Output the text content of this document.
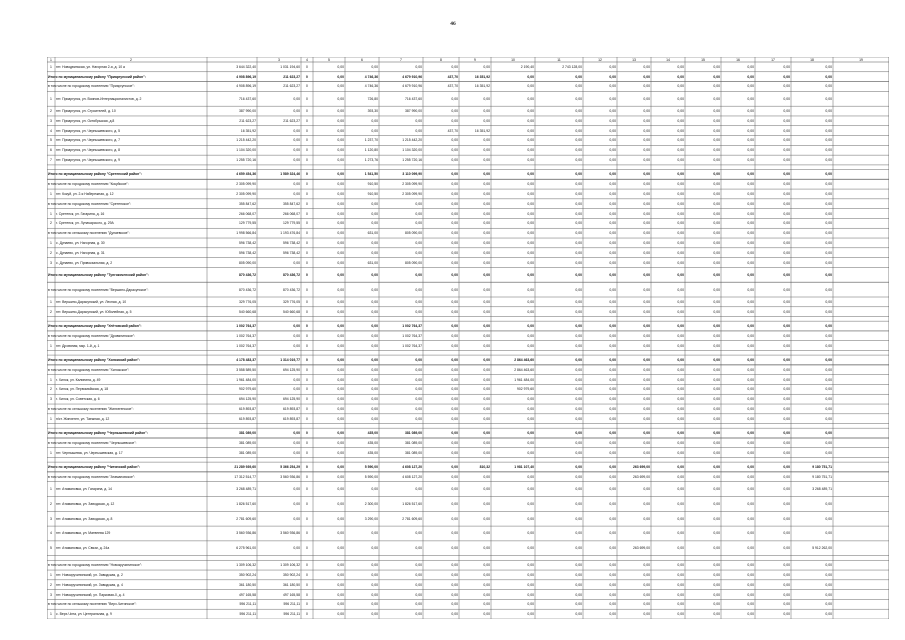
46
1	2	3	4	5	6	7	8	9	10	11	12	13	14	15	16	17	18	19
1	пгт. Новодвинская, ул. Нагорная 2-я, д. 10 а	3 644 322,40	1 031 194,60	0	0,00	0,00	0,00	0,00	0,00	2 190,40	2 743 128,00	0,00	0,00	0,00	0,00	0,00	0,00	0,00
Итого по муниципальному району "Приаргунский район":	4 908 896,19	211 623,27	0	0,00	4 746,36	4 679 910,96	437,70	16 351,92	0,00	0,00	0,00	0,00	0,00	0,00	0,00	0,00	0,00
в том числе по городскому поселению "Приаргунское":	4 908 896,19	211 623,27	0	0,00	4 746,36	4 679 910,96	437,70	16 351,92	0,00	0,00	0,00	0,00	0,00	0,00	0,00	0,00	0,00
1	пгт. Приаргунск, ул. Воинов-Интернационалистов, д. 2	716 437,60	0,00	0	0,00	726,80	716 437,60	0,00	0,00	0,00	0,00	0,00	0,00	0,00	0,00	0,00	0,00	0,00
2	пгт. Приаргунск, ул. Строителей, д. 10	387 990,00	0,00	0	0,00	393,30	387 990,00	0,00	0,00	0,00	0,00	0,00	0,00	0,00	0,00	0,00	0,00	0,00
3	пгт. Приаргунск, ул. Октябрьская, д.8	211 623,27	211 623,27	0	0,00	0,00	0,00	0,00	0,00	0,00	0,00	0,00	0,00	0,00	0,00	0,00	0,00	0,00
4	пгт. Приаргунск, ул. Чернышевского, д. 5	16 351,92	0,00	0	0,00	0,00	0,00	437,70	16 351,92	0,00	0,00	0,00	0,00	0,00	0,00	0,00	0,00	0,00
5	пгт. Приаргунск, ул. Чернышевского, д. 7	1 215 442,20	0,00	0	0,00	1 237,70	1 215 442,20	0,00	0,00	0,00	0,00	0,00	0,00	0,00	0,00	0,00	0,00	0,00
6	пгт. Приаргунск, ул. Чернышевского, д. 8	1 104 320,00	0,00	0	0,00	1 120,80	1 104 320,00	0,00	0,00	0,00	0,00	0,00	0,00	0,00	0,00	0,00	0,00	0,00
7	пгт. Приаргунск, ул. Чернышевского, д. 9	1 255 720,16	0,00	0	0,00	1 273,76	1 255 720,16	0,00	0,00	0,00	0,00	0,00	0,00	0,00	0,00	0,00	0,00	0,00
Итого по муниципальному району "Сретенский район":	4 659 454,36	1 589 324,46	0	0,00	1 541,50	3 110 099,90	0,00	0,00	0,00	0,00	0,00	0,00	0,00	0,00	0,00	0,00	0,00
в том числе по городскому поселению "Кокуйское":	2 305 099,90	0,00	0	0,00	910,50	2 305 099,90	0,00	0,00	0,00	0,00	0,00	0,00	0,00	0,00	0,00	0,00	0,00
1	пгт. Кокуй, ул. 2-я Набережная, д. 12	2 305 099,90	0,00	0	0,00	910,50	2 305 099,90	0,00	0,00	0,00	0,00	0,00	0,00	0,00	0,00	0,00	0,00	0,00
в том числе по городскому поселению "Сретенское":	355 847,62	355 847,62	0	0,00	0,00	0,00	0,00	0,00	0,00	0,00	0,00	0,00	0,00	0,00	0,00	0,00	0,00
1	г. Сретенск, ул. Гагарина, д. 16	266 068,07	266 068,07	0	0,00	0,00	0,00	0,00	0,00	0,00	0,00	0,00	0,00	0,00	0,00	0,00	0,00	0,00
2	г. Сретенск, ул. Луначарского, д. 29А	129 779,55	129 779,55	0	0,00	0,00	0,00	0,00	0,00	0,00	0,00	0,00	0,00	0,00	0,00	0,00	0,00	0,00
в том числе по сельскому поселению "Дунаевское":	1 998 566,84	1 193 476,84	0	0,00	631,00	805 090,00	0,00	0,00	0,00	0,00	0,00	0,00	0,00	0,00	0,00	0,00	0,00
1	с. Дунаево, ул. Нагорная, д. 30	596 738,42	596 738,42	0	0,00	0,00	0,00	0,00	0,00	0,00	0,00	0,00	0,00	0,00	0,00	0,00	0,00	0,00
2	с. Дунаево, ул. Нагорная, д. 31	596 738,42	596 738,42	0	0,00	0,00	0,00	0,00	0,00	0,00	0,00	0,00	0,00	0,00	0,00	0,00	0,00	0,00
3	с. Дунаево, ул. Привокзальная, д. 2	805 090,00	0,00	0	0,00	631,00	805 090,00	0,00	0,00	0,00	0,00	0,00	0,00	0,00	0,00	0,00	0,00	0,00
Итого по муниципальному району "Тунгокоченский район":	870 436,72	870 436,72	0	0,00	0,00	0,00	0,00	0,00	0,00	0,00	0,00	0,00	0,00	0,00	0,00	0,00	0,00
в том числе по городскому поселению "Вершино-Дарасунское":	870 436,72	870 436,72	0	0,00	0,00	0,00	0,00	0,00	0,00	0,00	0,00	0,00	0,00	0,00	0,00	0,00	0,00
1	пгт. Вершино-Дарасунский, ул. Лесная, д. 10	329 776,05	329 776,05	0	0,00	0,00	0,00	0,00	0,00	0,00	0,00	0,00	0,00	0,00	0,00	0,00	0,00	0,00
2	пгт. Вершино-Дарасунский, ул. Юбилейная, д. 5	540 660,68	540 660,68	0	0,00	0,00	0,00	0,00	0,00	0,00	0,00	0,00	0,00	0,00	0,00	0,00	0,00	0,00
Итого по муниципальному району "Улётовский район":	1 002 764,37	0,00	0	0,00	0,00	1 002 764,37	0,00	0,00	0,00	0,00	0,00	0,00	0,00	0,00	0,00	0,00	0,00
в том числе по городскому поселению "Дровянинское":	1 002 764,37	0,00	0	0,00	0,00	1 002 764,37	0,00	0,00	0,00	0,00	0,00	0,00	0,00	0,00	0,00	0,00	0,00
1	пгт. Дровяная, мкр. 1-й, д. 1	1 002 764,37	0,00	0	0,00	0,00	1 002 764,37	0,00	0,00	0,00	0,00	0,00	0,00	0,00	0,00	0,00	0,00	0,00
Итого по муниципальному району "Хилокский район":	4 178 483,37	1 314 019,77	0	0,00	0,00	0,00	0,00	0,00	2 864 463,60	0,00	0,00	0,00	0,00	0,00	0,00	0,00	0,00
в том числе по городскому поселению "Хилокское":	3 558 589,50	694 125,90	0	0,00	0,00	0,00	0,00	0,00	2 864 463,60	0,00	0,00	0,00	0,00	0,00	0,00	0,00	0,00
1	г. Хилок, ул. Калинина, д. 49	1 961 484,00	0,00	0	0,00	0,00	0,00	0,00	0,00	1 961 484,00	0,00	0,00	0,00	0,00	0,00	0,00	0,00	0,00
2	г. Хилок, ул. Первомайская, д. 18	902 979,60	0,00	0	0,00	0,00	0,00	0,00	0,00	902 979,60	0,00	0,00	0,00	0,00	0,00	0,00	0,00	0,00
3	г. Хилок, ул. Советская, д. 6	694 125,90	694 125,90	0	0,00	0,00	0,00	0,00	0,00	0,00	0,00	0,00	0,00	0,00	0,00	0,00	0,00	0,00
в том числе по сельскому поселению "Жипхегенское":	619 893,87	619 893,87	0	0,00	0,00	0,00	0,00	0,00	0,00	0,00	0,00	0,00	0,00	0,00	0,00	0,00	0,00
1	п/ст. Жипхеген, ул. Таежная, д. 12	619 893,87	619 893,87	0	0,00	0,00	0,00	0,00	0,00	0,00	0,00	0,00	0,00	0,00	0,00	0,00	0,00	0,00
Итого по муниципальному району "Чернышевский район":	381 089,00	0,00	0	0,00	435,00	381 089,00	0,00	0,00	0,00	0,00	0,00	0,00	0,00	0,00	0,00	0,00	0,00
в том числе по городскому поселению "Чернышевское":	381 089,00	0,00	0	0,00	435,00	381 089,00	0,00	0,00	0,00	0,00	0,00	0,00	0,00	0,00	0,00	0,00	0,00
1	пгт. Чернышевск, ул. Чернышевская, д. 17	381 089,00	0,00	0	0,00	435,00	381 089,00	0,00	0,00	0,00	0,00	0,00	0,00	0,00	0,00	0,00	0,00	0,00
Итого по муниципальному району "Читинский район":	21 289 939,60	5 366 254,29	0	0,00	5 590,00	4 608 127,20	0,00	810,32	1 981 107,40	0,00	0,00	263 699,00	0,00	0,00	0,00	0,00	9 180 751,71
в том числе по городскому поселению "Атамановское":	17 312 514,77	3 560 936,86	0	0,00	5 590,00	4 608 127,20	0,00	0,00	0,00	0,00	0,00	263 699,00	0,00	0,00	0,00	0,00	9 180 751,71
1	пгт. Атамановка, ул. Гагарина, д. 14	3 268 489,71	0,00	0	0,00	0,00	0,00	0,00	0,00	0,00	0,00	0,00	0,00	0,00	0,00	0,00	0,00	3 268 489,71
2	пгт. Атамановка, ул. Заводская, д. 12	1 826 517,60	0,00	0	0,00	2 300,00	1 826 517,60	0,00	0,00	0,00	0,00	0,00	0,00	0,00	0,00	0,00	0,00	0,00
3	пгт. Атамановка, ул. Заводская, д. 8	2 781 609,60	0,00	0	0,00	3 290,00	2 781 609,60	0,00	0,00	0,00	0,00	0,00	0,00	0,00	0,00	0,00	0,00	0,00
4	пгт. Атамановка, ул. Матвеева 129	3 560 936,86	3 560 936,86	0	0,00	0,00	0,00	0,00	0,00	0,00	0,00	0,00	0,00	0,00	0,00	0,00	0,00	0,00
5	пгт. Атамановка, ул. Связи, д. 24а	6 275 961,00	0,00	0	0,00	0,00	0,00	0,00	0,00	0,00	0,00	0,00	263 699,00	0,00	0,00	0,00	0,00	5 912 262,00
в том числе по городскому поселению "Новокручининское":	1 309 106,32	1 309 106,32	0	0,00	0,00	0,00	0,00	0,00	0,00	0,00	0,00	0,00	0,00	0,00	0,00	0,00	0,00
1	пгт. Новокручининский, ул. Заводская, д. 2	350 902,24	350 902,24	0	0,00	0,00	0,00	0,00	0,00	0,00	0,00	0,00	0,00	0,00	0,00	0,00	0,00	0,00
2	пгт. Новокручининский, ул. Заводская, д. 4	361 180,50	361 180,50	0	0,00	0,00	0,00	0,00	0,00	0,00	0,00	0,00	0,00	0,00	0,00	0,00	0,00	0,00
3	пгт. Новокручининский, ул. Парковая-0, д. 4	497 165,58	497 165,58	0	0,00	0,00	0,00	0,00	0,00	0,00	0,00	0,00	0,00	0,00	0,00	0,00	0,00	0,00
в том числе по сельскому поселению "Верх-Читинское":	596 211,11	596 211,11	0	0,00	0,00	0,00	0,00	0,00	0,00	0,00	0,00	0,00	0,00	0,00	0,00	0,00	0,00
1	с. Верх-Чита, ул. Центральная, д. 9	596 211,11	596 211,11	0	0,00	0,00	0,00	0,00	0,00	0,00	0,00	0,00	0,00	0,00	0,00	0,00	0,00	0,00
